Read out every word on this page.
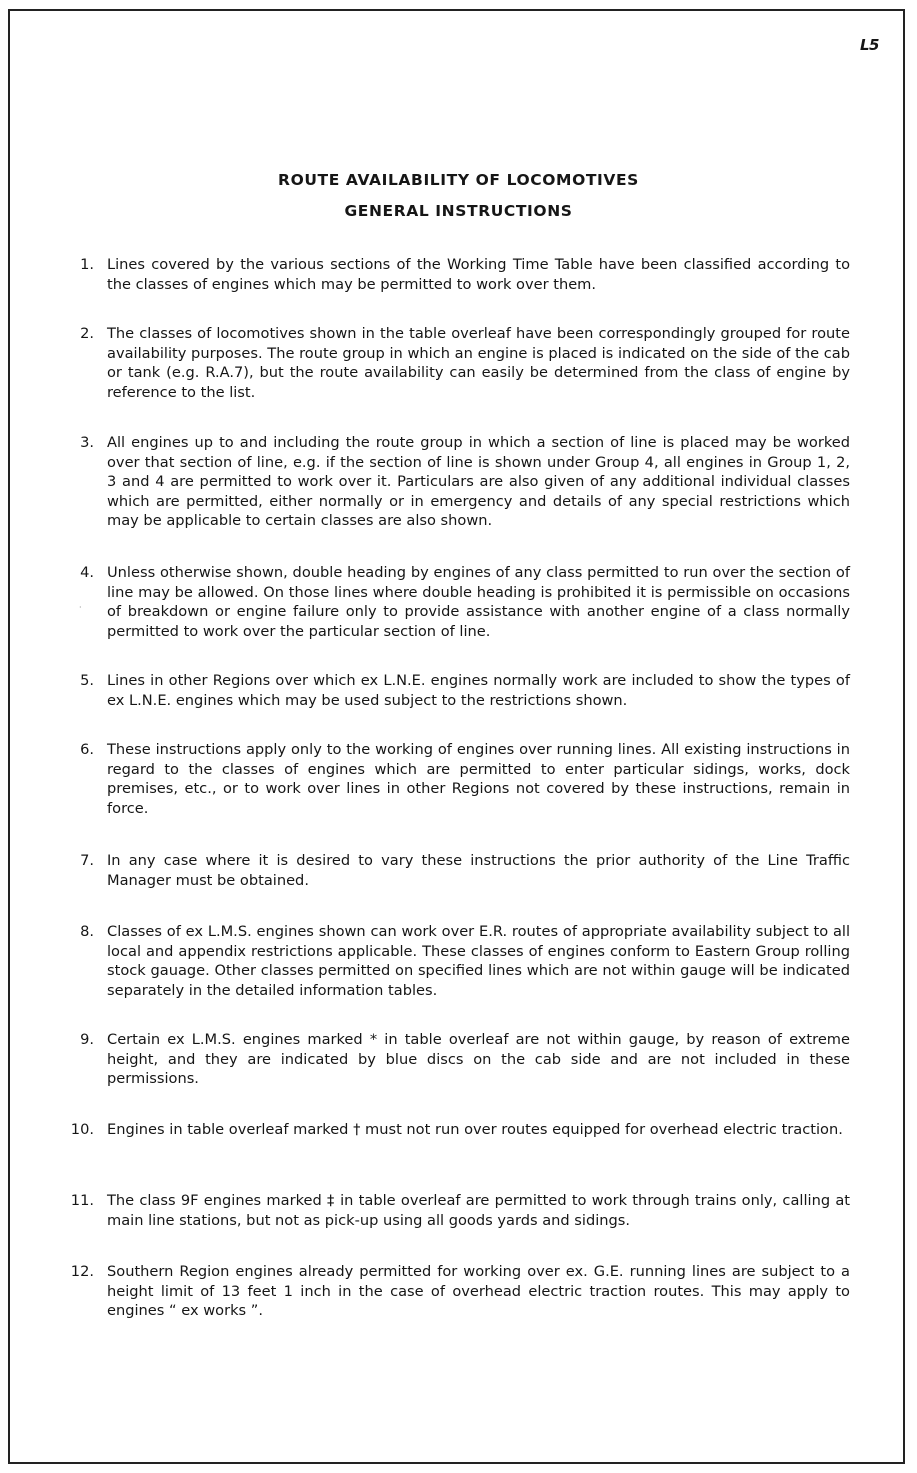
L5
ROUTE AVAILABILITY OF LOCOMOTIVES
GENERAL INSTRUCTIONS
1. Lines covered by the various sections of the Working Time Table have been classified according to the classes of engines which may be permitted to work over them.
2. The classes of locomotives shown in the table overleaf have been correspondingly grouped for route availability purposes. The route group in which an engine is placed is indicated on the side of the cab or tank (e.g. R.A.7), but the route availability can easily be determined from the class of engine by reference to the list.
3. All engines up to and including the route group in which a section of line is placed may be worked over that section of line, e.g. if the section of line is shown under Group 4, all engines in Group 1, 2, 3 and 4 are permitted to work over it. Particulars are also given of any additional individual classes which are permitted, either normally or in emergency and details of any special restrictions which may be applicable to certain classes are also shown.
4. Unless otherwise shown, double heading by engines of any class permitted to run over the section of line may be allowed. On those lines where double heading is prohibited it is permissible on occasions of breakdown or engine failure only to provide assistance with another engine of a class normally permitted to work over the particular section of line.
5. Lines in other Regions over which ex L.N.E. engines normally work are included to show the types of ex L.N.E. engines which may be used subject to the restrictions shown.
6. These instructions apply only to the working of engines over running lines. All existing instructions in regard to the classes of engines which are permitted to enter particular sidings, works, dock premises, etc., or to work over lines in other Regions not covered by these instructions, remain in force.
7. In any case where it is desired to vary these instructions the prior authority of the Line Traffic Manager must be obtained.
8. Classes of ex L.M.S. engines shown can work over E.R. routes of appropriate availability subject to all local and appendix restrictions applicable. These classes of engines conform to Eastern Group rolling stock gauage. Other classes permitted on specified lines which are not within gauge will be indicated separately in the detailed information tables.
9. Certain ex L.M.S. engines marked * in table overleaf are not within gauge, by reason of extreme height, and they are indicated by blue discs on the cab side and are not included in these permissions.
10. Engines in table overleaf marked † must not run over routes equipped for overhead electric traction.
11. The class 9F engines marked ‡ in table overleaf are permitted to work through trains only, calling at main line stations, but not as pick-up using all goods yards and sidings.
12. Southern Region engines already permitted for working over ex. G.E. running lines are subject to a height limit of 13 feet 1 inch in the case of overhead electric traction routes. This may apply to engines “ ex works ”.
·
